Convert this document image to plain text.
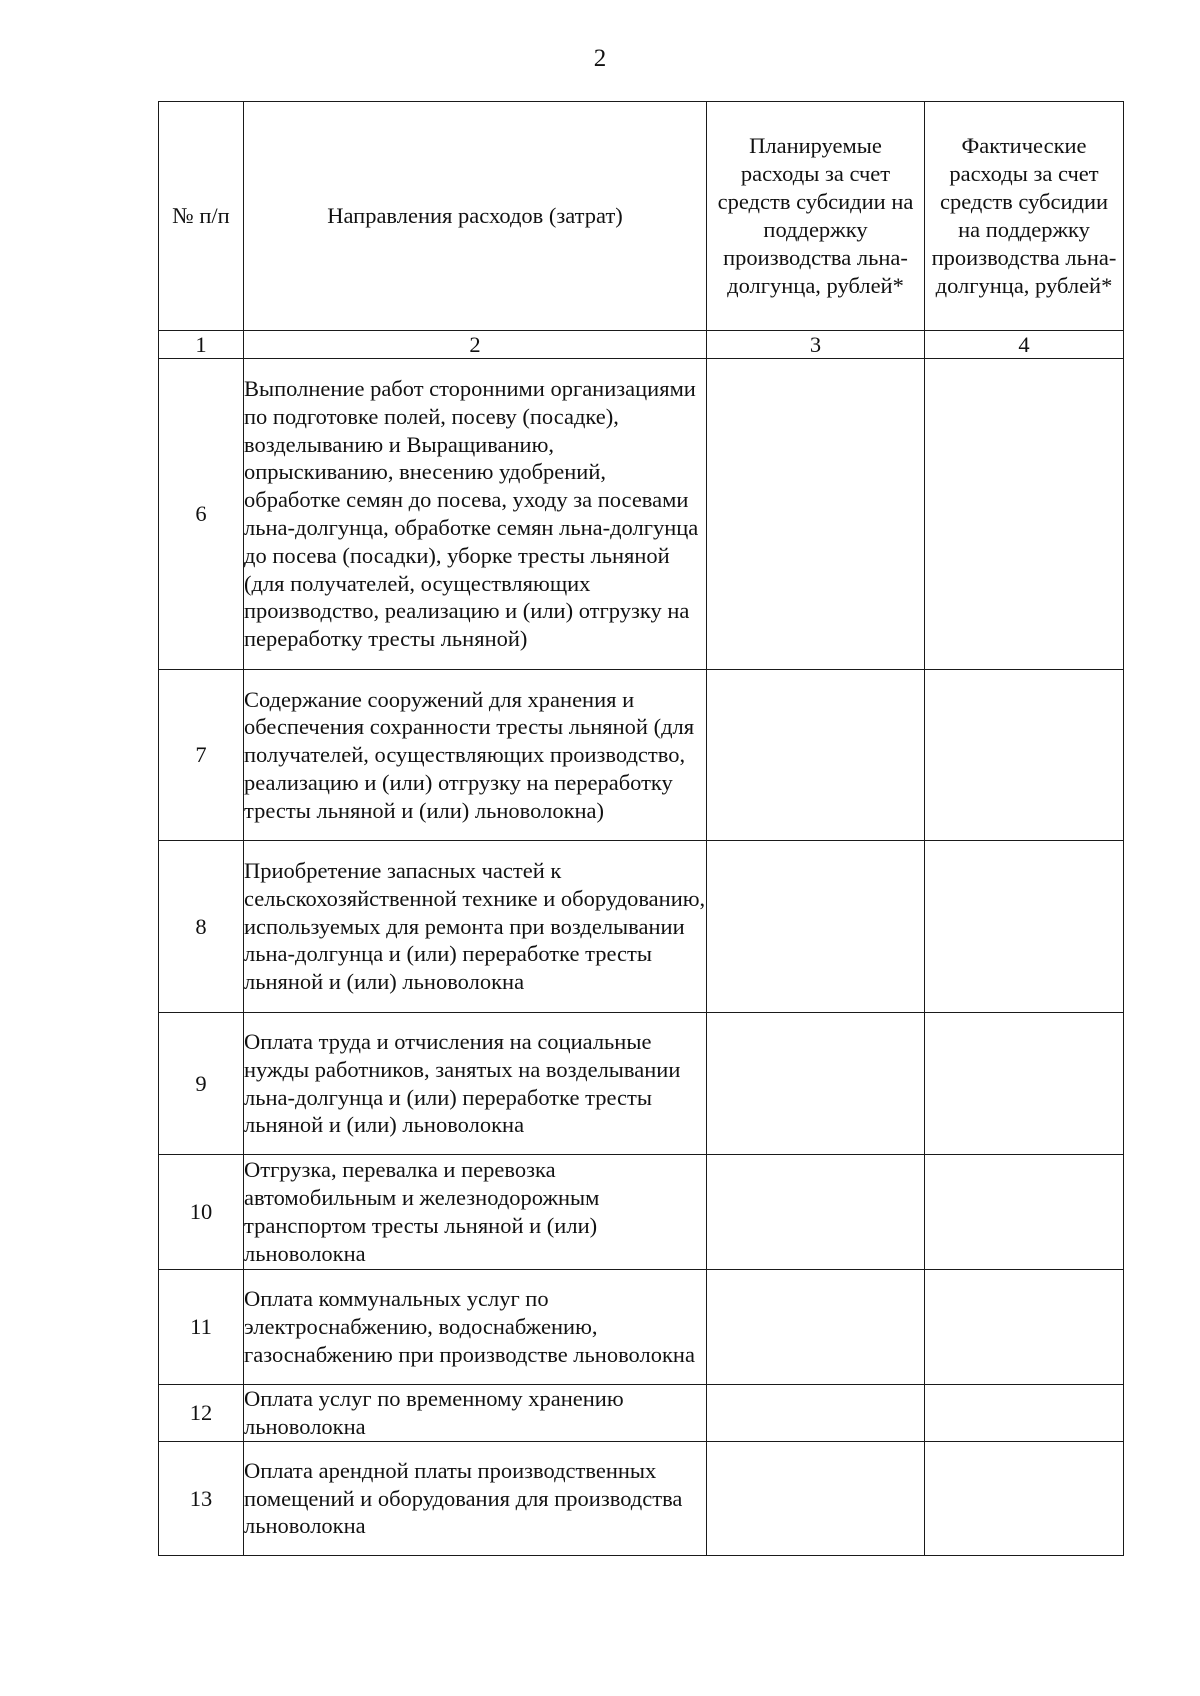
2
№ п/п	Направления расходов (затрат)	Планируемые расходы за счет средств субсидии на поддержку производства льна-долгунца, рублей*	Фактические расходы за счет средств субсидии на поддержку производства льна-долгунца, рублей*
1	2	3	4
6	Выполнение работ сторонними организациями по подготовке полей, посеву (посадке), возделыванию и Выращиванию, опрыскиванию, внесению удобрений, обработке семян до посева, уходу за посевами льна-долгунца, обработке семян льна-долгунца до посева (посадки), уборке тресты льняной (для получателей, осуществляющих производство, реализацию и (или) отгрузку на переработку тресты льняной)		
7	Содержание сооружений для хранения и обеспечения сохранности тресты льняной (для получателей, осуществляющих производство, реализацию и (или) отгрузку на переработку тресты льняной и (или) льноволокна)		
8	Приобретение запасных частей к сельскохозяйственной технике и оборудованию, используемых для ремонта при возделывании льна-долгунца и (или) переработке тресты льняной и (или) льноволокна		
9	Оплата труда и отчисления на социальные нужды работников, занятых на возделывании льна-долгунца и (или) переработке тресты льняной и (или) льноволокна		
10	Отгрузка, перевалка и перевозка автомобильным и железнодорожным транспортом тресты льняной и (или) льноволокна		
11	Оплата коммунальных услуг по электроснабжению, водоснабжению, газоснабжению при производстве льноволокна		
12	Оплата услуг по временному хранению льноволокна		
13	Оплата арендной платы производственных помещений и оборудования для производства льноволокна		
